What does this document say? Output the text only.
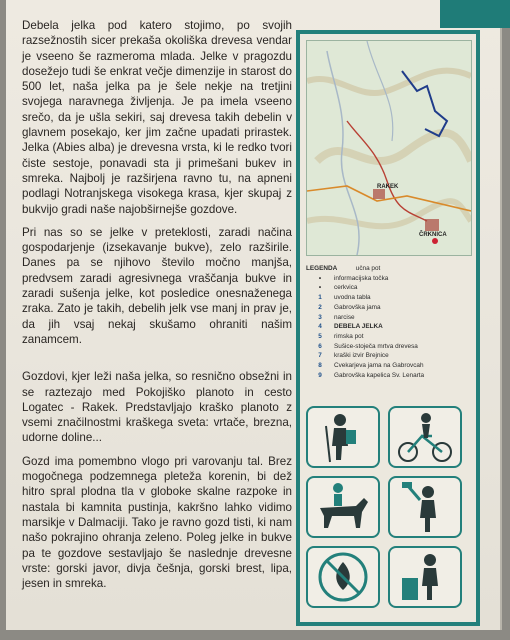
Debela jelka pod katero stojimo, po svojih razsežnostih sicer prekaša okoliška drevesa vendar je vseeno še razmeroma mlada. Jelke v pragozdu dosežejo tudi še enkrat večje dimenzije in starost do 500 let, naša jelka pa je šele nekje na tretjini svojega naravnega življenja. Je pa imela vseeno srečo, da je ušla sekiri, saj drevesa takih debelin v glavnem posekajo, ker jim začne upadati prirastek. Jelka (Abies alba) je drevesna vrsta, ki le redko tvori čiste sestoje, ponavadi sta ji primešani bukev in smreka. Najbolj je razširjena ravno tu, na apneni podlagi Notranjskega visokega krasa, kjer skupaj z bukvijo gradi naše najobširnejše gozdove.

Pri nas so se jelke v preteklosti, zaradi načina gospodarjenje (izsekavanje bukve), zelo razširile. Danes pa se njihovo število močno manjša, predvsem zaradi agresivnega vraščanja bukve in zaradi sušenja jelke, kot posledice onesnaženega zraka. Zato je takih, debelih jelk vse manj in prav je, da jih vsaj nekaj skušamo ohraniti našim zanamcem.

Gozdovi, kjer leži naša jelka, so resnično obsežni in se raztezajo med Pokojiško planoto in cesto Logatec - Rakek. Predstavljajo kraško planoto z vsemi značilnostmi kraškega sveta: vrtače, brezna, udorne doline...

Gozd ima pomembno vlogo pri varovanju tal. Brez mogočnega podzemnega pleteža korenin, bi dež hitro spral plodna tla v globoke skalne razpoke in nastala bi kamnita pustinja, kakršno lahko vidimo marsikje v Dalmaciji. Tako je ravno gozd tisti, ki nam našo pokrajino ohranja zeleno. Poleg jelke in bukve pa te gozdove sestavljajo še naslednje drevesne vrste: gorski javor, divja češnja, gorski brest, lipa, jesen in smreka.

RAKEK
ČRKNICA
LEGENDA	učna pot
•	informacijska točka
•	cerkvica
1	uvodna tabla
2	Gabrovška jama
3	narcise
4	DEBELA JELKA
5	rimska pot
6	Sušice-stoječa mrtva drevesa
7	kraški izvir Brejnice
8	Cvekarjeva jama na Gabrovcah
9	Gabrovška kapelica Sv. Lenarta
